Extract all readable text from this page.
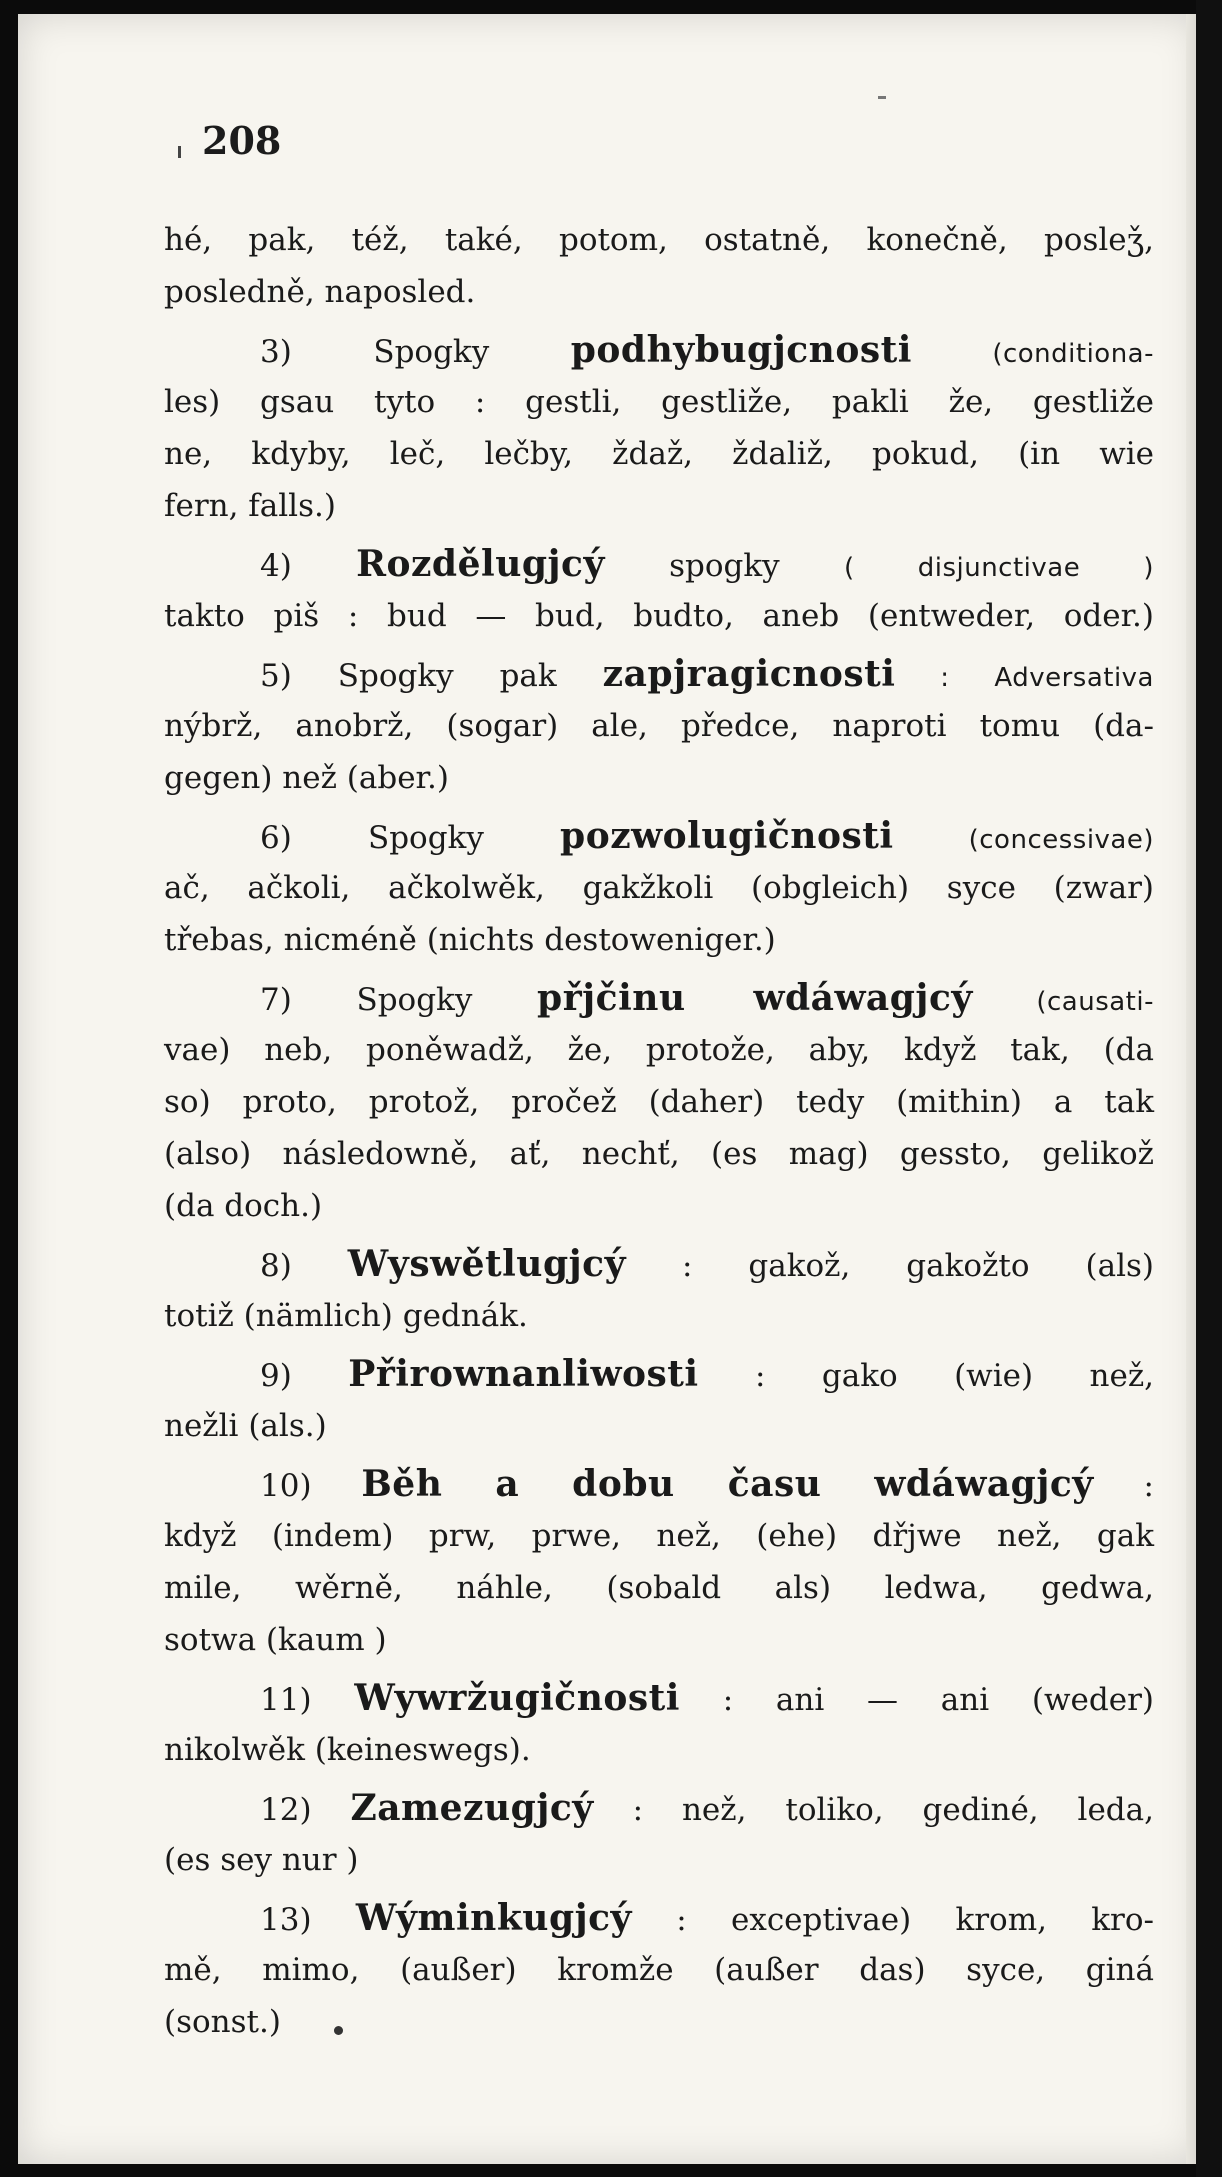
208
hé, pak, též, také, potom, ostatně, konečně, posleǯ,
posledně, naposled.
3) Spogky podhybugjcnosti (conditiona-
les) gsau tyto : gestli, gestliže, pakli že, gestliže
ne, kdyby, leč, lečby, ždaž, ždaliž, pokud, (in wie
fern, falls.)
4) Rozdělugjcý spogky ( disjunctivae )
takto piš : bud — bud, budto, aneb (entweder, oder.)
5) Spogky pak zapjragicnosti : Adversativa
nýbrž, anobrž, (sogar) ale, předce, naproti tomu (da-
gegen) než (aber.)
6) Spogky pozwolugičnosti (concessivae)
ač, ačkoli, ačkolwěk, gakžkoli (obgleich) syce (zwar)
třebas, nicméně (nichts destoweniger.)
7) Spogky přjčinu wdáwagjcý (causati-
vae) neb, poněwadž, že, protože, aby, když tak, (da
so) proto, protož, pročež (daher) tedy (mithin) a tak
(also) následowně, ať, nechť, (es mag) gessto, gelikož
(da doch.)
8) Wyswětlugjcý : gakož, gakožto (als)
totiž (nämlich) gednák.
9) Přirownanliwosti : gako (wie) než,
nežli (als.)
10) Běh a dobu času wdáwagjcý :
když (indem) prw, prwe, než, (ehe) dřjwe než, gak
mile, wěrně, náhle, (sobald als) ledwa, gedwa,
sotwa (kaum )
11) Wywržugičnosti : ani — ani (weder)
nikolwěk (keineswegs).
12) Zamezugjcý : než, toliko, gediné, leda,
(es sey nur )
13) Wýminkugjcý : exceptivae) krom, kro-
mě, mimo, (außer) kromže (außer das) syce, giná
(sonst.)
